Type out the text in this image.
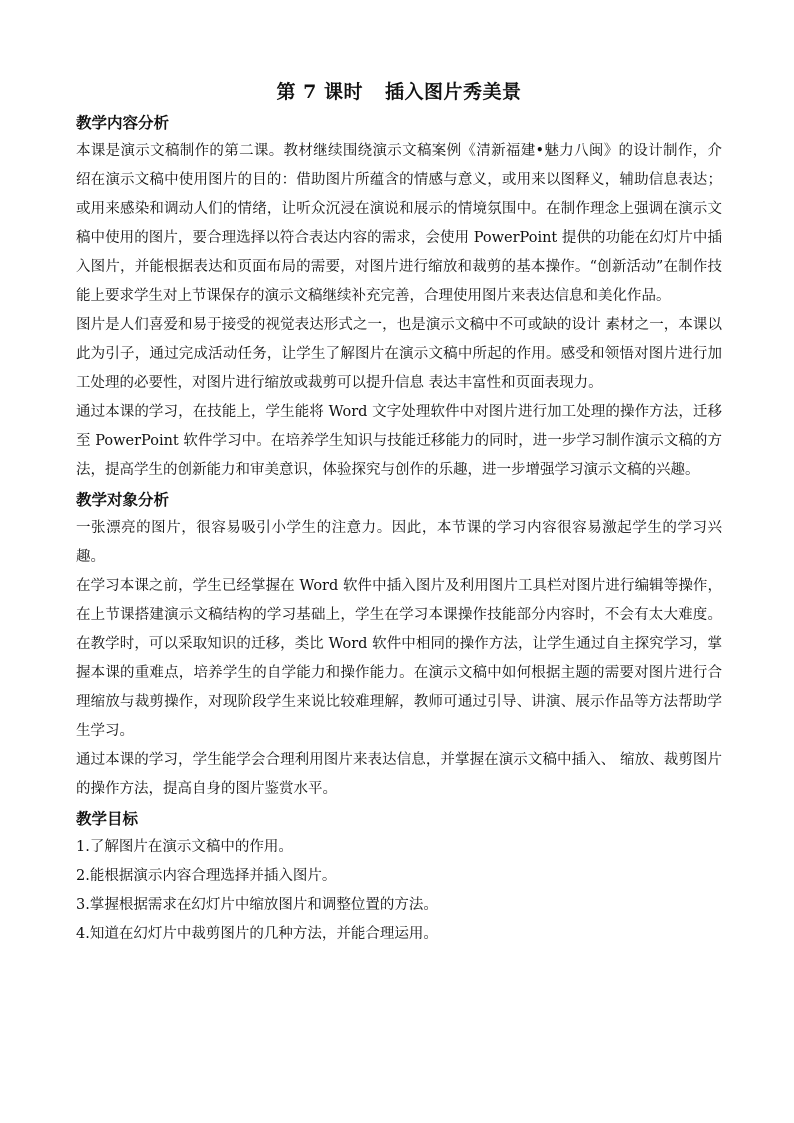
第 7 课时 插入图片秀美景
教学内容分析

本课是演示文稿制作的第二课。教材继续围绕演示文稿案例《清新福建•魅力八闽》的设计制作，介绍在演示文稿中使用图片的目的：借助图片所蕴含的情感与意义，或用来以图释义，辅助信息表达；或用来感染和调动人们的情绪，让听众沉浸在演说和展示的情境氛围中。在制作理念上强调在演示文稿中使用的图片，要合理选择以符合表达内容的需求，会使用 PowerPoint 提供的功能在幻灯片中插入图片，并能根据表达和页面布局的需要，对图片进行缩放和裁剪的基本操作。“创新活动”在制作技能上要求学生对上节课保存的演示文稿继续补充完善，合理使用图片来表达信息和美化作品。

图片是人们喜爱和易于接受的视觉表达形式之一，也是演示文稿中不可或缺的设计 素材之一，本课以此为引子，通过完成活动任务，让学生了解图片在演示文稿中所起的作用。感受和领悟对图片进行加工处理的必要性，对图片进行缩放或裁剪可以提升信息 表达丰富性和页面表现力。

通过本课的学习，在技能上，学生能将 Word 文字处理软件中对图片进行加工处理的操作方法，迁移至 PowerPoint 软件学习中。在培养学生知识与技能迁移能力的同时，进一步学习制作演示文稿的方法，提高学生的创新能力和审美意识，体验探究与创作的乐趣，进一步增强学习演示文稿的兴趣。

教学对象分析

一张漂亮的图片，很容易吸引小学生的注意力。因此，本节课的学习内容很容易激起学生的学习兴趣。

在学习本课之前，学生已经掌握在 Word 软件中插入图片及利用图片工具栏对图片进行编辑等操作，在上节课搭建演示文稿结构的学习基础上，学生在学习本课操作技能部分内容时，不会有太大难度。在教学时，可以采取知识的迁移，类比 Word 软件中相同的操作方法，让学生通过自主探究学习，掌握本课的重难点，培养学生的自学能力和操作能力。在演示文稿中如何根据主题的需要对图片进行合理缩放与裁剪操作，对现阶段学生来说比较难理解，教师可通过引导、讲演、展示作品等方法帮助学生学习。

通过本课的学习，学生能学会合理利用图片来表达信息，并掌握在演示文稿中插入、 缩放、裁剪图片的操作方法，提高自身的图片鉴赏水平。

教学目标

1.了解图片在演示文稿中的作用。

2.能根据演示内容合理选择并插入图片。

3.掌握根据需求在幻灯片中缩放图片和调整位置的方法。

4.知道在幻灯片中裁剪图片的几种方法，并能合理运用。
